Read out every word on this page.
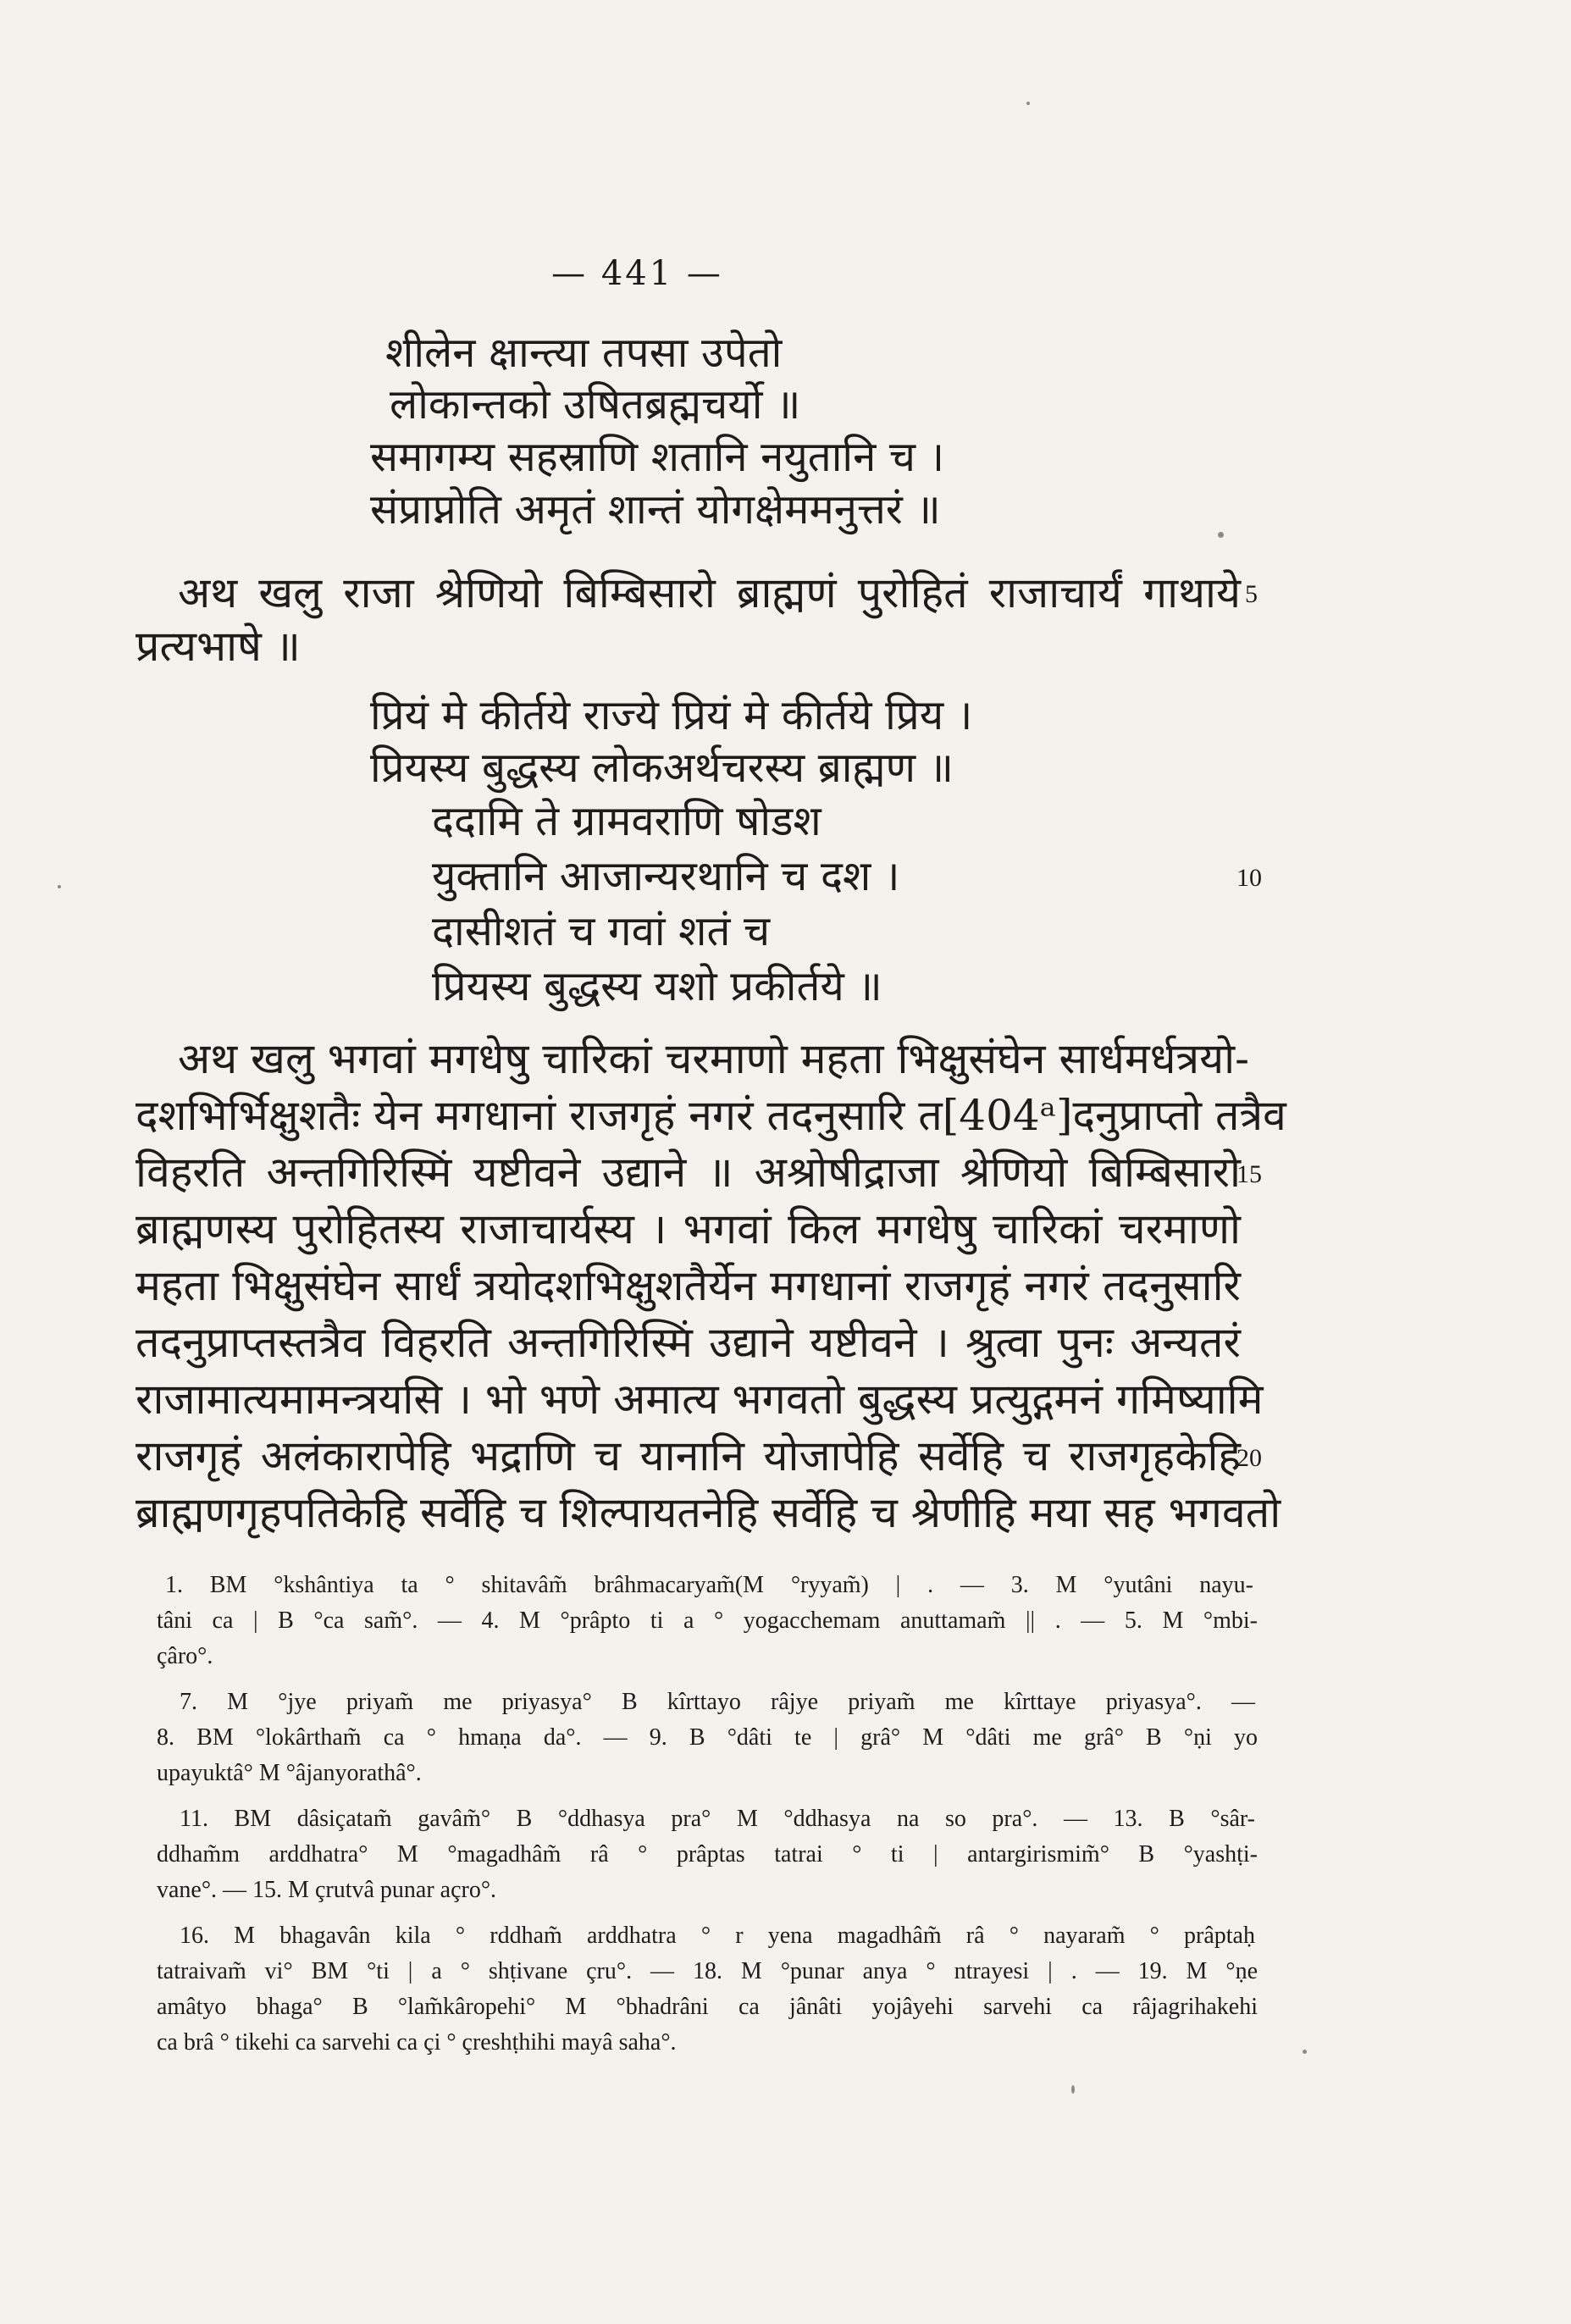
— 441 —
शीलेन क्षान्त्या तपसा उपेतो
लोकान्तको उषितब्रह्मचर्यो ॥
समागम्य सहस्राणि शतानि नयुतानि च ।
संप्राप्नोति अमृतं शान्तं योगक्षेममनुत्तरं ॥
अथ खलु राजा श्रेणियो बिम्बिसारो ब्राह्मणं पुरोहितं राजाचार्यं गाथाये
प्रत्यभाषे ॥
5
प्रियं मे कीर्तये राज्ये प्रियं मे कीर्तये प्रिय ।
प्रियस्य बुद्धस्य लोकअर्थचरस्य ब्राह्मण ॥
ददामि ते ग्रामवराणि षोडश
युक्तानि आजान्यरथानि च दश ।
दासीशतं च गवां शतं च
प्रियस्य बुद्धस्य यशो प्रकीर्तये ॥
10
अथ खलु भगवां मगधेषु चारिकां चरमाणो महता भिक्षुसंघेन सार्धमर्धत्रयो-
दशभिर्भिक्षुशतैः येन मगधानां राजगृहं नगरं तदनुसारि त[404ᵃ]दनुप्राप्तो तत्रैव
विहरति अन्तगिरिस्मिं यष्टीवने उद्याने ॥ अश्रोषीद्राजा श्रेणियो बिम्बिसारो
ब्राह्मणस्य पुरोहितस्य राजाचार्यस्य । भगवां किल मगधेषु चारिकां चरमाणो
महता भिक्षुसंघेन सार्धं त्रयोदशभिक्षुशतैर्येन मगधानां राजगृहं नगरं तदनुसारि
तदनुप्राप्तस्तत्रैव विहरति अन्तगिरिस्मिं उद्याने यष्टीवने । श्रुत्वा पुनः अन्यतरं
राजामात्यमामन्त्रयसि । भो भणे अमात्य भगवतो बुद्धस्य प्रत्युद्गमनं गमिष्यामि
राजगृहं अलंकारापेहि भद्राणि च यानानि योजापेहि सर्वेहि च राजगृहकेहि
ब्राह्मणगृहपतिकेहि सर्वेहि च शिल्पायतनेहि सर्वेहि च श्रेणीहि मया सह भगवतो
15
20
1. BM °kshântiya ta ° shitavâm̃ brâhmacaryam̃(M °ryyam̃) | . — 3. M °yutâni nayu-
tâni ca | B °ca sam̃°. — 4. M °prâpto ti a ° yogacchemam anuttamam̃ || . — 5. M °mbi-
çâro°.
7. M °jye priyam̃ me priyasya° B kîrttayo râjye priyam̃ me kîrttaye priyasya°. —
8. BM °lokârtham̃ ca ° hmaṇa da°. — 9. B °dâti te | grâ° M °dâti me grâ° B °ṇi yo
upayuktâ° M °âjanyorathâ°.
11. BM dâsiçatam̃ gavâm̃° B °ddhasya pra° M °ddhasya na so pra°. — 13. B °sâr-
ddham̃m arddhatra° M °magadhâm̃ râ ° prâptas tatrai ° ti | antargirismim̃° B °yashṭi-
vane°. — 15. M çrutvâ punar açro°.
16. M bhagavân kila ° rddham̃ arddhatra ° r yena magadhâm̃ râ ° nayaram̃ ° prâptaḥ
tatraivam̃ vi° BM °ti | a ° shṭivane çru°. — 18. M °punar anya ° ntrayesi | . — 19. M °ṇe
amâtyo bhaga° B °lam̃kâropehi° M °bhadrâni ca jânâti yojâyehi sarvehi ca râjagrihakehi
ca brâ ° tikehi ca sarvehi ca çi ° çreshṭhihi mayâ saha°.
